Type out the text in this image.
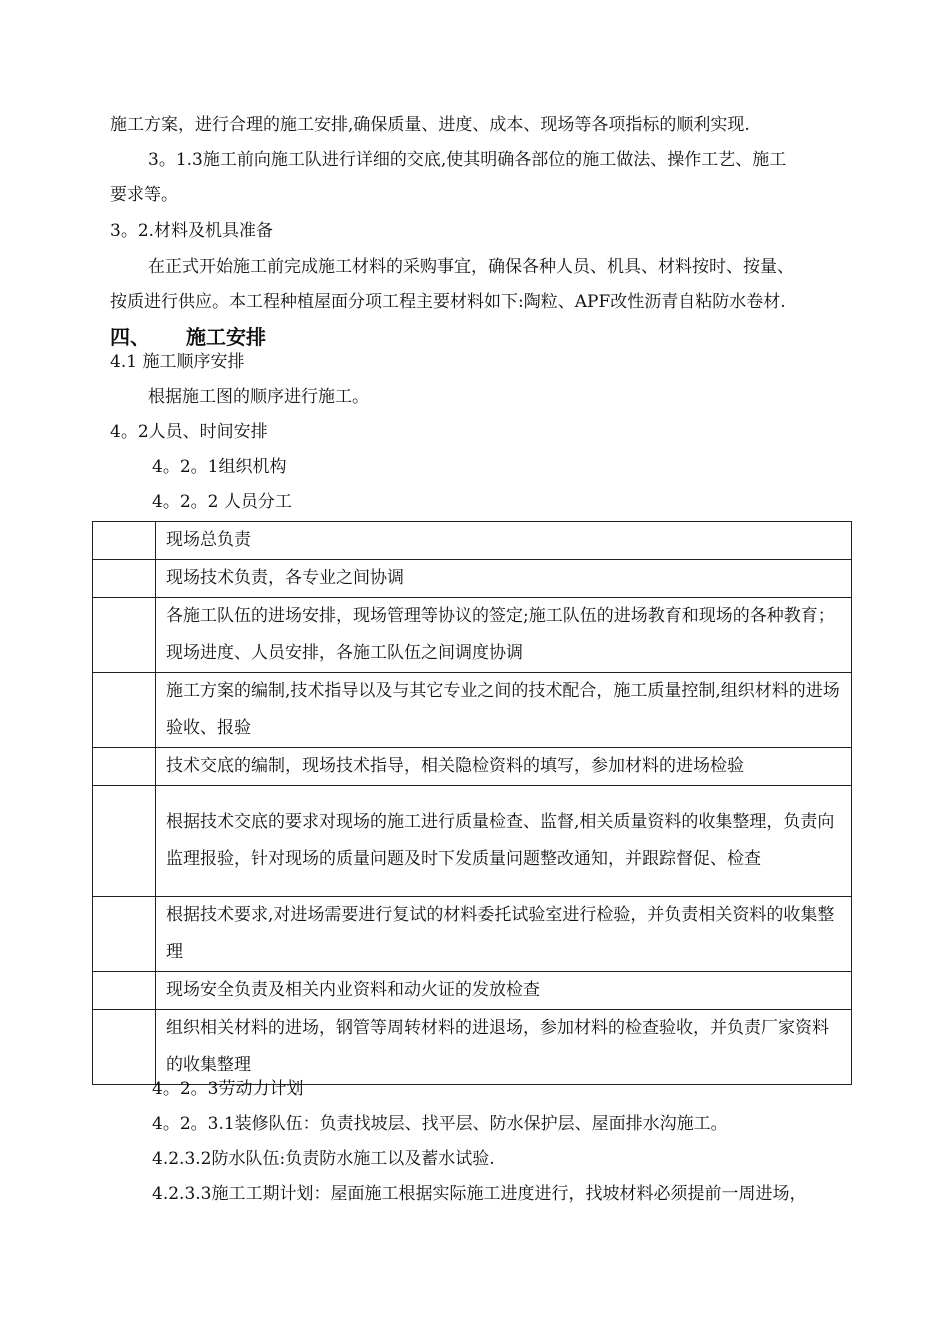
施工方案，进行合理的施工安排,确保质量、进度、成本、现场等各项指标的顺利实现.
3。1.3施工前向施工队进行详细的交底,使其明确各部位的施工做法、操作工艺、施工
要求等。
3。2.材料及机具准备
在正式开始施工前完成施工材料的采购事宜，确保各种人员、机具、材料按时、按量、
按质进行供应。本工程种植屋面分项工程主要材料如下:陶粒、APF改性沥青自粘防水卷材.
四、 施工安排
4.1 施工顺序安排
根据施工图的顺序进行施工。
4。2人员、时间安排
4。2。1组织机构
4。2。2 人员分工
	现场总负责
	现场技术负责，各专业之间协调
	各施工队伍的进场安排，现场管理等协议的签定;施工队伍的进场教育和现场的各种教育；现场进度、人员安排，各施工队伍之间调度协调
	施工方案的编制,技术指导以及与其它专业之间的技术配合，施工质量控制,组织材料的进场验收、报验
	技术交底的编制，现场技术指导，相关隐检资料的填写，参加材料的进场检验
	根据技术交底的要求对现场的施工进行质量检查、监督,相关质量资料的收集整理，负责向监理报验，针对现场的质量问题及时下发质量问题整改通知，并跟踪督促、检查
	根据技术要求,对进场需要进行复试的材料委托试验室进行检验，并负责相关资料的收集整理
	现场安全负责及相关内业资料和动火证的发放检查
	组织相关材料的进场，钢管等周转材料的进退场，参加材料的检查验收，并负责厂家资料的收集整理
4。2。3劳动力计划
4。2。3.1装修队伍：负责找坡层、找平层、防水保护层、屋面排水沟施工。
4.2.3.2防水队伍:负责防水施工以及蓄水试验.
4.2.3.3施工工期计划：屋面施工根据实际施工进度进行，找坡材料必须提前一周进场，
